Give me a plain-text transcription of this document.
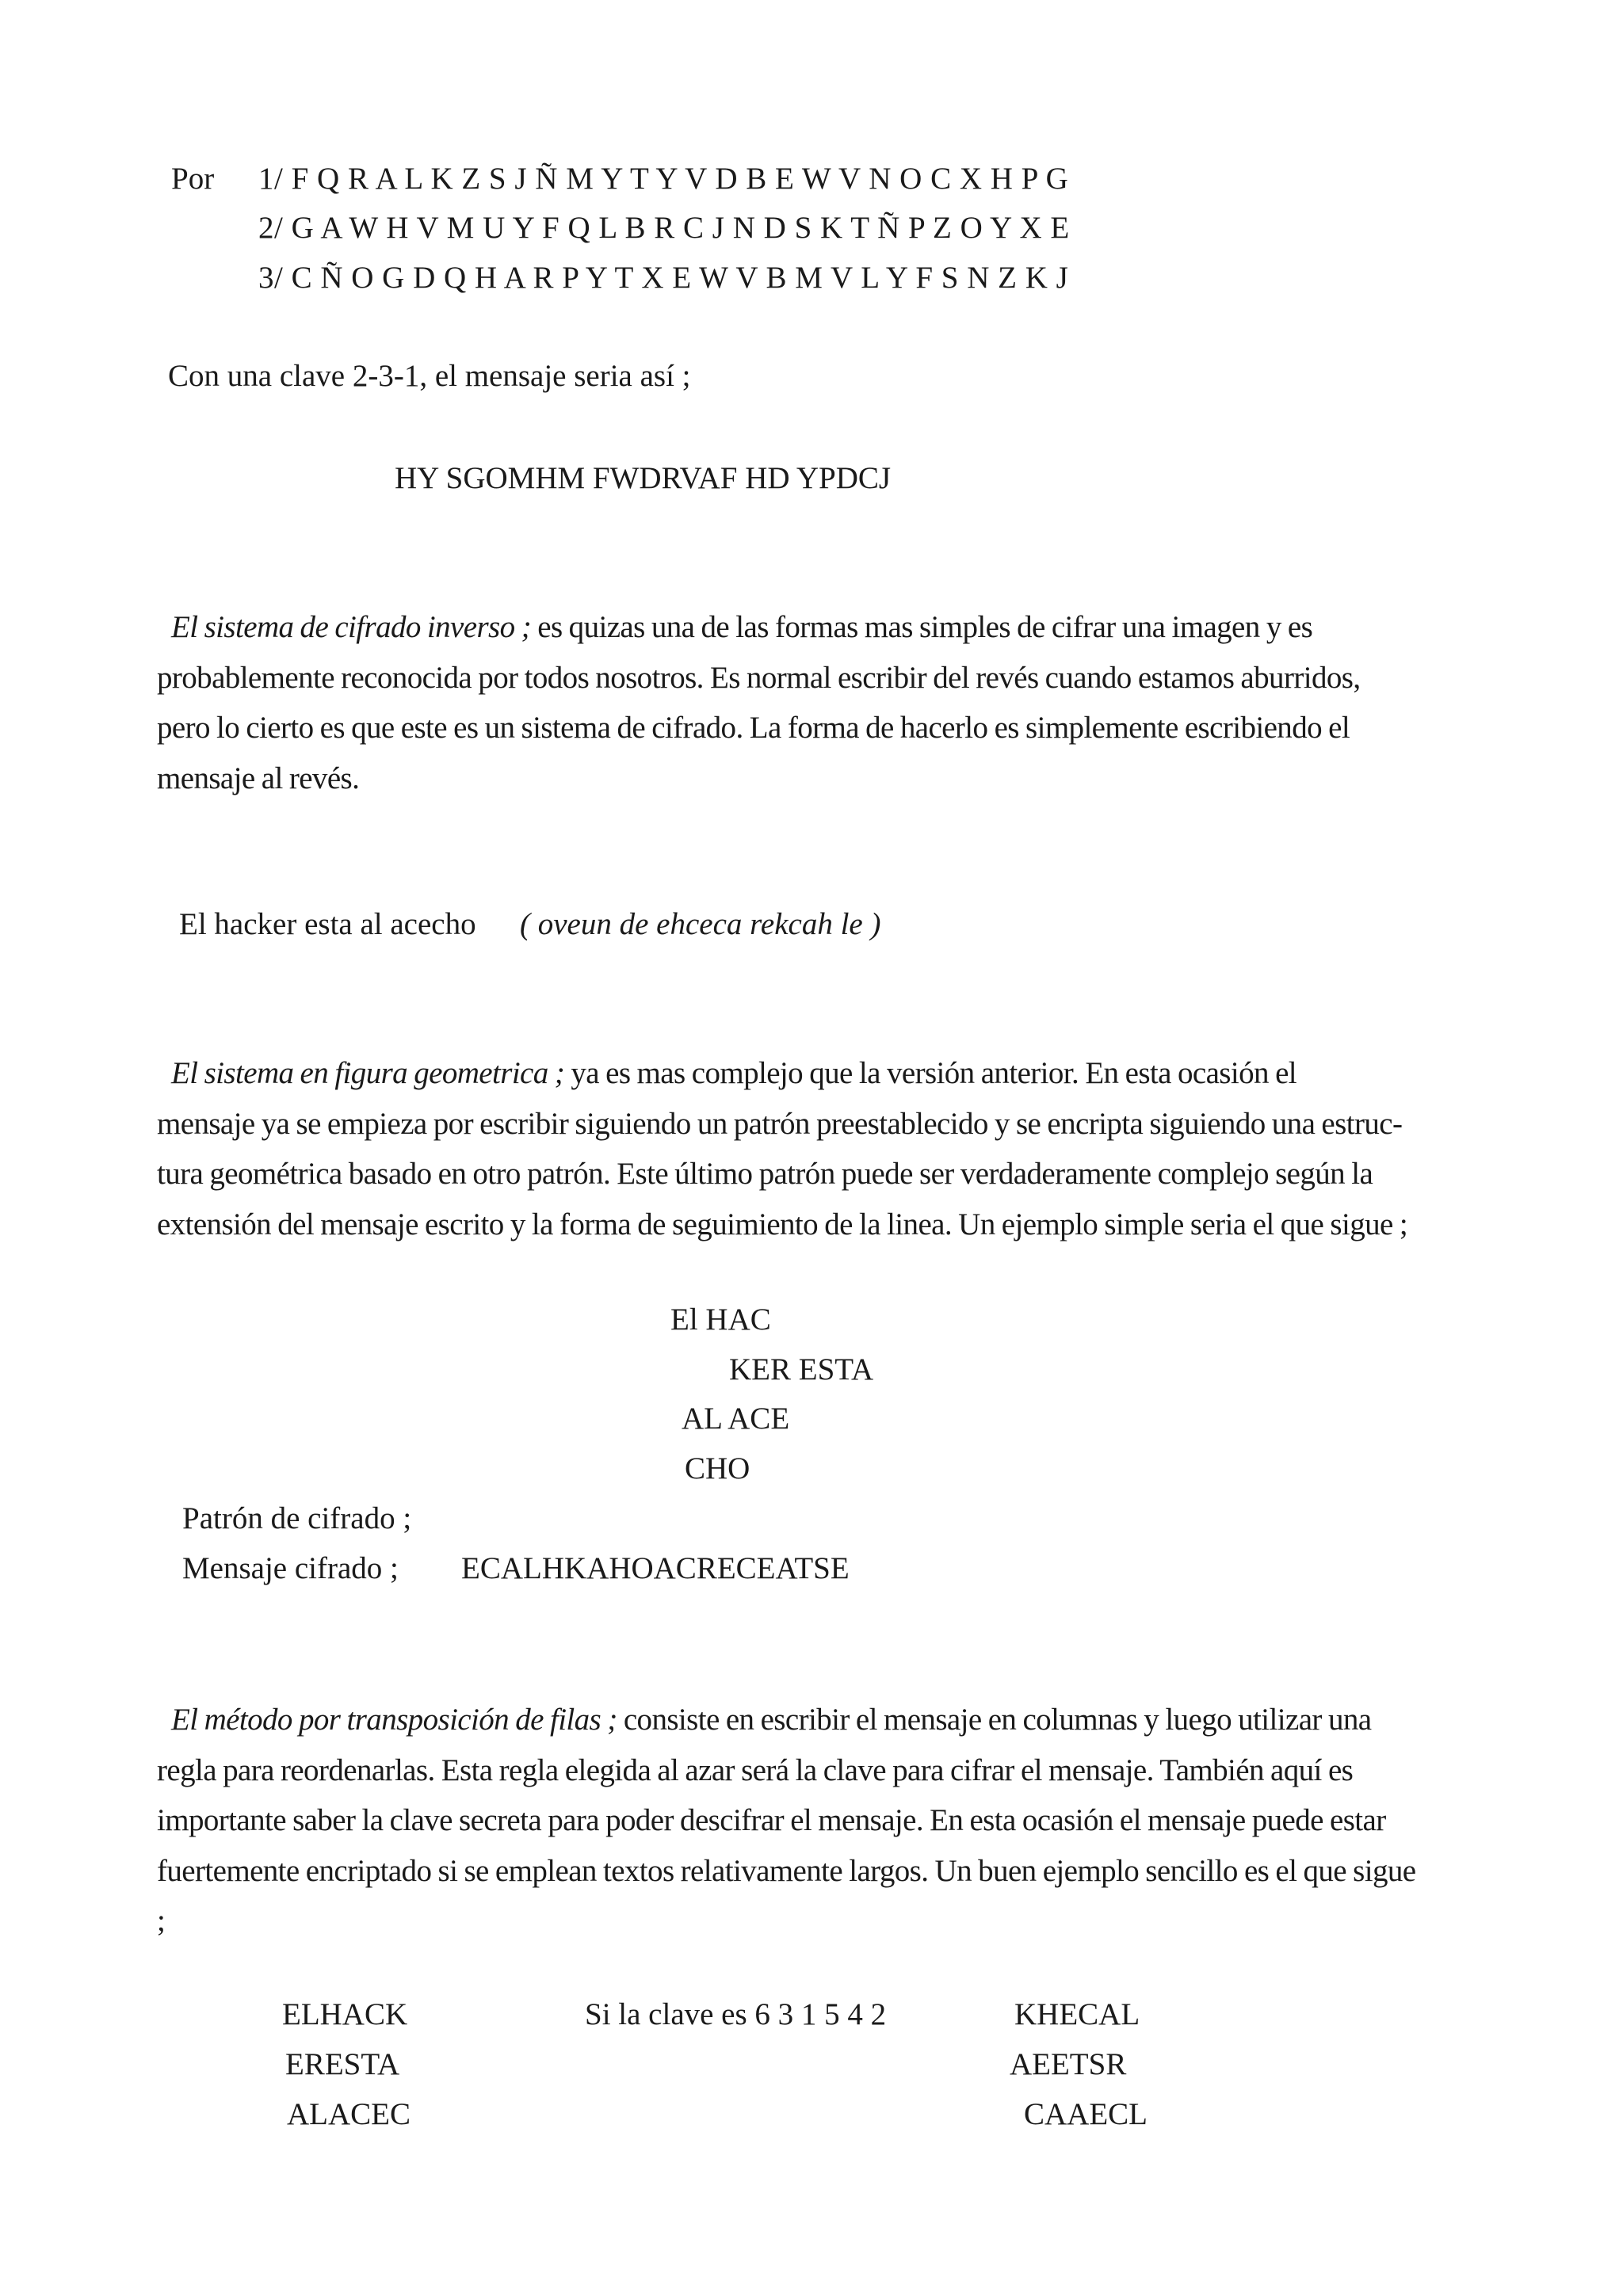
Por 1/ F Q R A L K Z S J Ñ M Y T Y V D B E W V N O C X H P G
2/ G A W H V M U Y F Q L B R C J N D S K T Ñ P Z O Y X E
3/ C Ñ O G D Q H A R P Y T X E W V B M V L Y F S N Z K J
Con una clave 2-3-1, el mensaje seria así ;
HY SGOMHM FWDRVAF HD YPDCJ
El sistema de cifrado inverso ; es quizas una de las formas mas simples de cifrar una imagen y es
probablemente reconocida por todos nosotros. Es normal escribir del revés cuando estamos aburridos,
pero lo cierto es que este es un sistema de cifrado. La forma de hacerlo es simplemente escribiendo el
mensaje al revés.
El hacker esta al acecho ( oveun de ehceca rekcah le )
El sistema en figura geometrica ; ya es mas complejo que la versión anterior. En esta ocasión el
mensaje ya se empieza por escribir siguiendo un patrón preestablecido y se encripta siguiendo una estruc-
tura geométrica basado en otro patrón. Este último patrón puede ser verdaderamente complejo según la
extensión del mensaje escrito y la forma de seguimiento de la linea. Un ejemplo simple seria el que sigue ;
El HAC
KER ESTA
AL ACE
CHO
Patrón de cifrado ;
Mensaje cifrado ; ECALHKAHOACRECEATSE
El método por transposición de filas ; consiste en escribir el mensaje en columnas y luego utilizar una
regla para reordenarlas. Esta regla elegida al azar será la clave para cifrar el mensaje. También aquí es
importante saber la clave secreta para poder descifrar el mensaje. En esta ocasión el mensaje puede estar
fuertemente encriptado si se emplean textos relativamente largos. Un buen ejemplo sencillo es el que sigue
;
ELHACK
ERESTA
ALACEC
Si la clave es 6 3 1 5 4 2	KHECAL
AEETSR
CAAECL
